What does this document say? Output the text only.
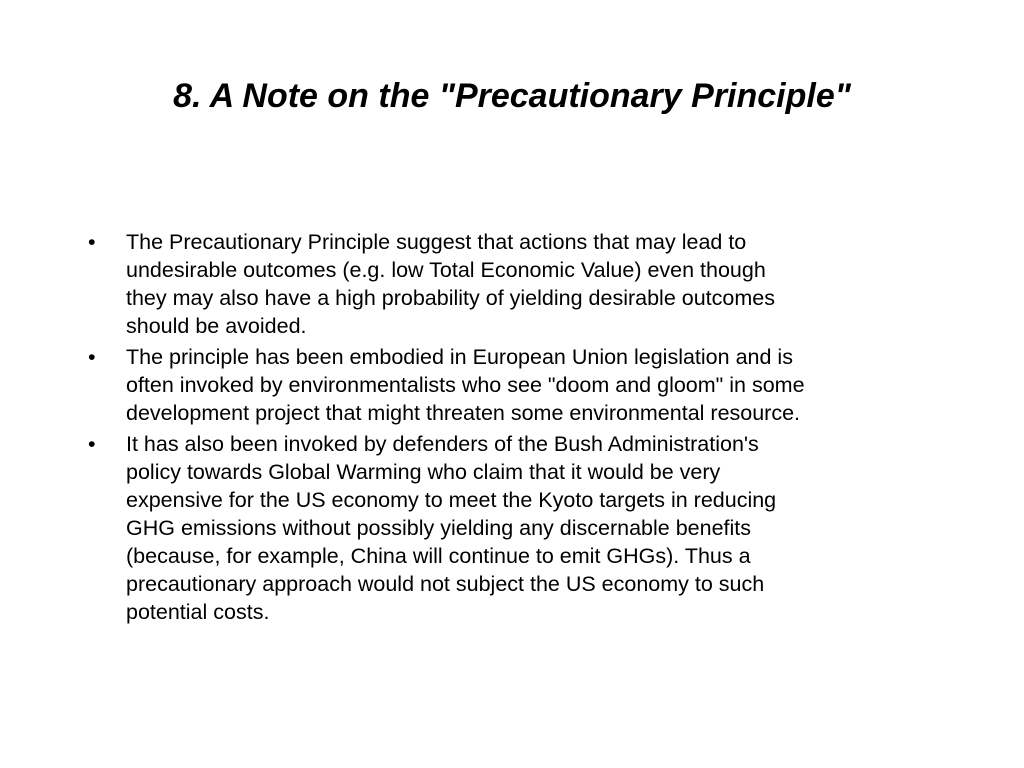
8. A Note on the "Precautionary Principle"
• The Precautionary Principle suggest that actions that may lead to
undesirable outcomes (e.g. low Total Economic Value) even though
they may also have a high probability of yielding desirable outcomes
should be avoided.
• The principle has been embodied in European Union legislation and is
often invoked by environmentalists who see "doom and gloom" in some
development project that might threaten some environmental resource.
• It has also been invoked by defenders of the Bush Administration's
policy towards Global Warming who claim that it would be very
expensive for the US economy to meet the Kyoto targets in reducing
GHG emissions without possibly yielding any discernable benefits
(because, for example, China will continue to emit GHGs). Thus a
precautionary approach would not subject the US economy to such
potential costs.
